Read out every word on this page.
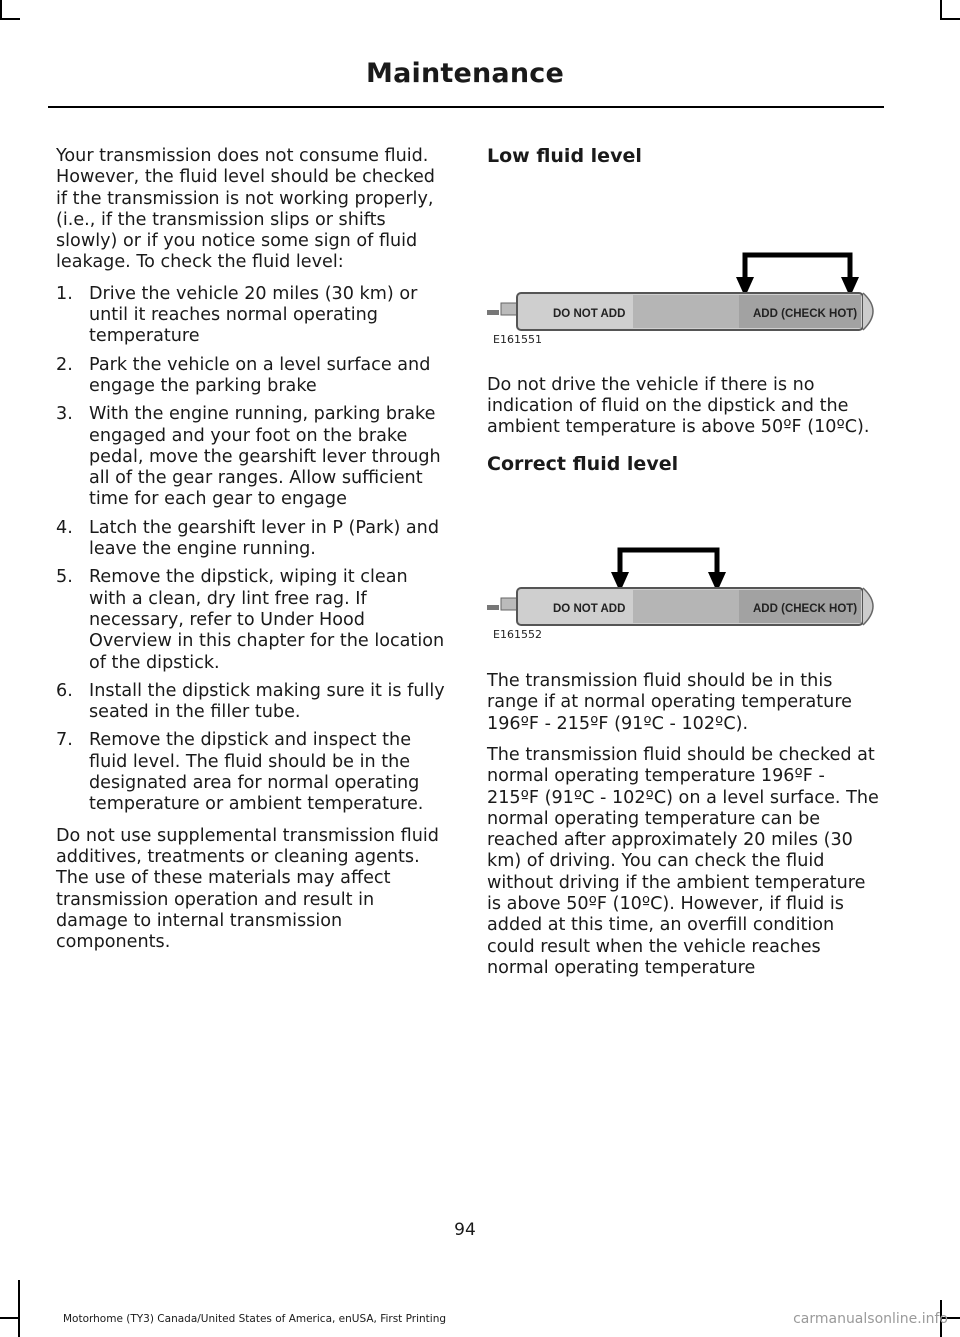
Maintenance

Your transmission does not consume fluid. However, the fluid level should be checked if the transmission is not working properly, (i.e., if the transmission slips or shifts slowly) or if you notice some sign of fluid leakage. To check the fluid level:

1. Drive the vehicle 20 miles (30 km) or until it reaches normal operating temperature
2. Park the vehicle on a level surface and engage the parking brake
3. With the engine running, parking brake engaged and your foot on the brake pedal, move the gearshift lever through all of the gear ranges. Allow sufficient time for each gear to engage
4. Latch the gearshift lever in P (Park) and leave the engine running.
5. Remove the dipstick, wiping it clean with a clean, dry lint free rag. If necessary, refer to Under Hood Overview in this chapter for the location of the dipstick.
6. Install the dipstick making sure it is fully seated in the filler tube.
7. Remove the dipstick and inspect the fluid level. The fluid should be in the designated area for normal operating temperature or ambient temperature.

Do not use supplemental transmission fluid additives, treatments or cleaning agents. The use of these materials may affect transmission operation and result in damage to internal transmission components.

Low fluid level
DO NOT ADD	ADD (CHECK HOT)
E161551

Do not drive the vehicle if there is no indication of fluid on the dipstick and the ambient temperature is above 50ºF (10ºC).

Correct fluid level
DO NOT ADD	ADD (CHECK HOT)
E161552

The transmission fluid should be in this range if at normal operating temperature 196ºF - 215ºF (91ºC - 102ºC).

The transmission fluid should be checked at normal operating temperature 196ºF - 215ºF (91ºC - 102ºC) on a level surface. The normal operating temperature can be reached after approximately 20 miles (30 km) of driving. You can check the fluid without driving if the ambient temperature is above 50ºF (10ºC). However, if fluid is added at this time, an overfill condition could result when the vehicle reaches normal operating temperature

94
Motorhome (TY3) Canada/United States of America, enUSA, First Printing	carmanualsonline.info
